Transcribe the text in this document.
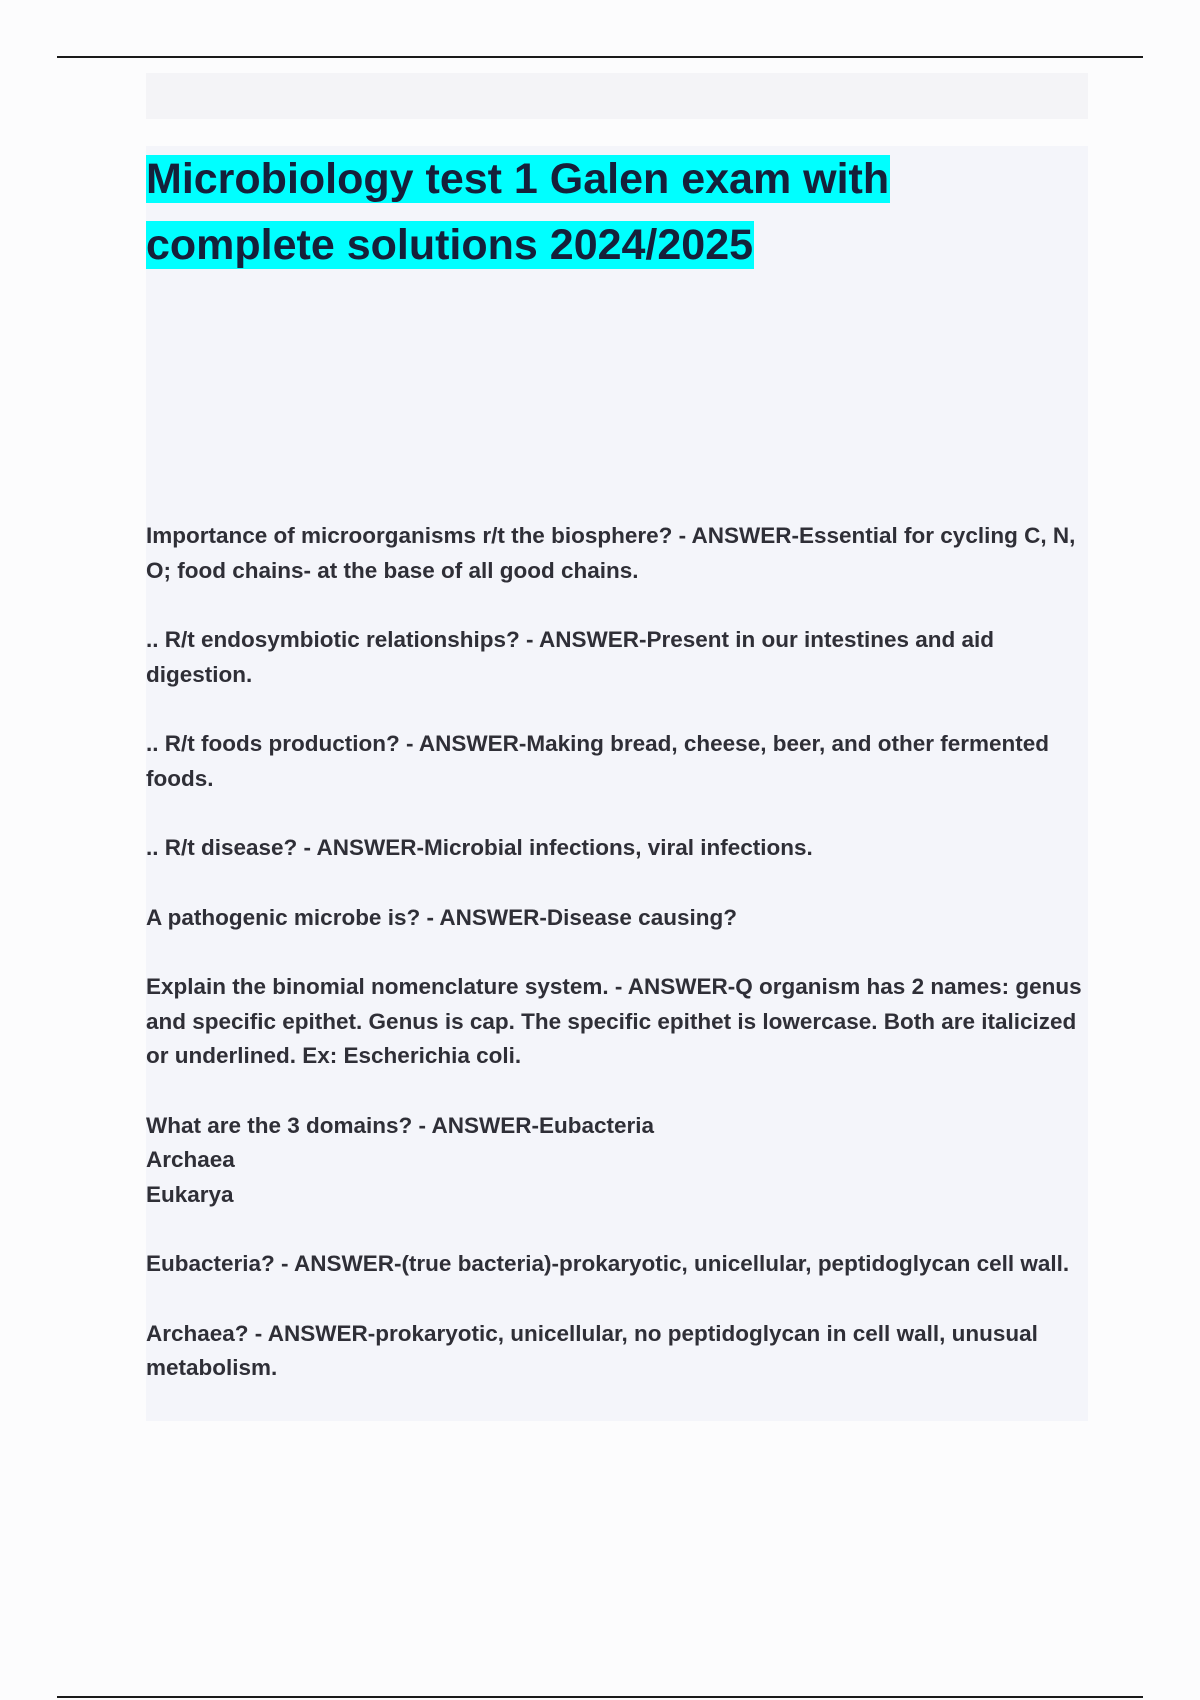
Microbiology test 1 Galen exam with
complete solutions 2024/2025
Importance of microorganisms r/t the biosphere? - ANSWER-Essential for cycling C, N, O; food chains- at the base of all good chains.
.. R/t endosymbiotic relationships? - ANSWER-Present in our intestines and aid digestion.
.. R/t foods production? - ANSWER-Making bread, cheese, beer, and other fermented foods.
.. R/t disease? - ANSWER-Microbial infections, viral infections.
A pathogenic microbe is? - ANSWER-Disease causing?
Explain the binomial nomenclature system. - ANSWER-Q organism has 2 names: genus and specific epithet. Genus is cap. The specific epithet is lowercase. Both are italicized or underlined. Ex: Escherichia coli.
What are the 3 domains? - ANSWER-Eubacteria
Archaea
Eukarya
Eubacteria? - ANSWER-(true bacteria)-prokaryotic, unicellular, peptidoglycan cell wall.
Archaea? - ANSWER-prokaryotic, unicellular, no peptidoglycan in cell wall, unusual metabolism.
